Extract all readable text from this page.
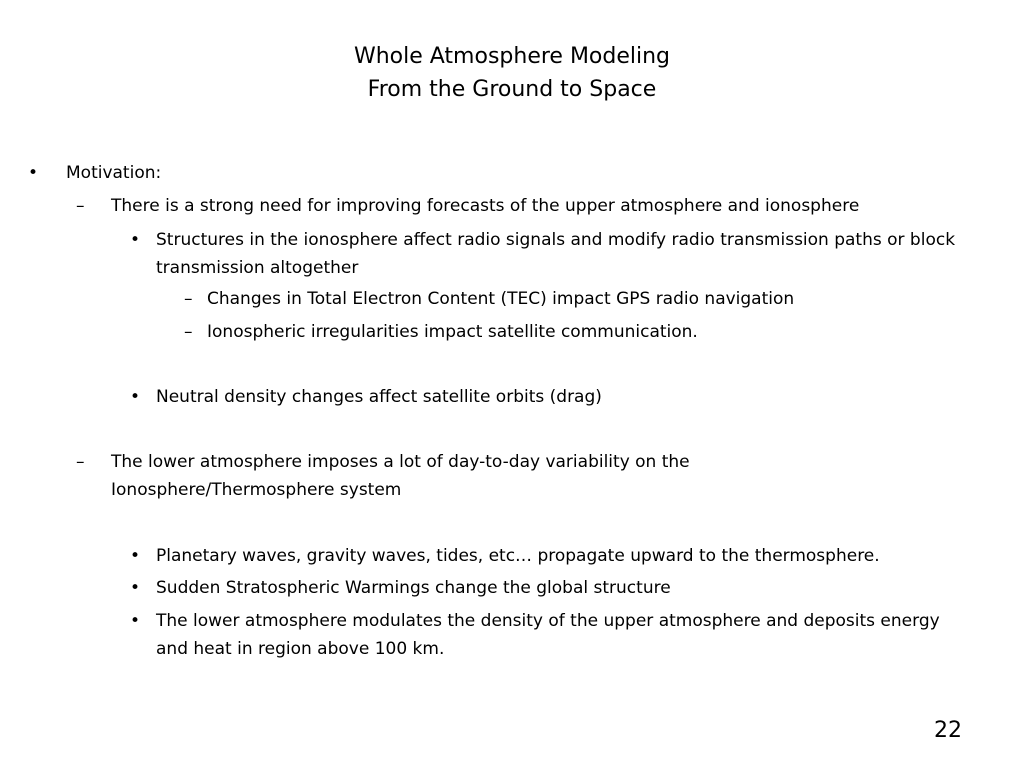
Whole Atmosphere Modeling
From the Ground to Space
• Motivation:
– There is a strong need for improving forecasts of the upper atmosphere and ionosphere
• Structures in the ionosphere affect radio signals and modify radio transmission paths or block transmission altogether
– Changes in Total Electron Content (TEC) impact GPS radio navigation
– Ionospheric irregularities impact satellite communication.
• Neutral density changes affect satellite orbits (drag)
– The lower atmosphere imposes a lot of day-to-day variability on the Ionosphere/Thermosphere system
• Planetary waves, gravity waves, tides, etc… propagate upward to the thermosphere.
• Sudden Stratospheric Warmings change the global structure
• The lower atmosphere modulates the density of the upper atmosphere and deposits energy and heat in region above 100 km.
22
